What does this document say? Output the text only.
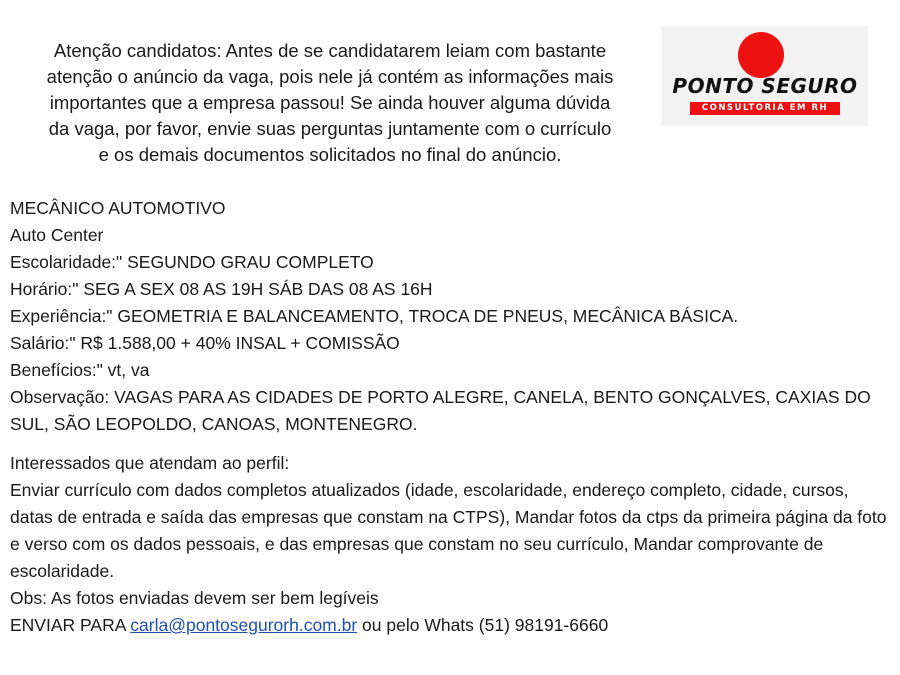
Atenção candidatos: Antes de se candidatarem leiam com bastante
atenção o anúncio da vaga, pois nele já contém as informações mais
importantes que a empresa passou! Se ainda houver alguma dúvida
da vaga, por favor, envie suas perguntas juntamente com o currículo
e os demais documentos solicitados no final do anúncio.
PONTO SEGURO
CONSULTORIA EM RH
MECÂNICO AUTOMOTIVO
Auto Center
Escolaridade:" SEGUNDO GRAU COMPLETO
Horário:" SEG A SEX 08 AS 19H SÁB DAS 08 AS 16H
Experiência:" GEOMETRIA E BALANCEAMENTO, TROCA DE PNEUS, MECÂNICA BÁSICA.
Salário:" R$ 1.588,00 + 40% INSAL + COMISSÃO
Benefícios:" vt, va
Observação: VAGAS PARA AS CIDADES DE PORTO ALEGRE, CANELA, BENTO GONÇALVES, CAXIAS DO SUL, SÃO LEOPOLDO, CANOAS, MONTENEGRO.
Interessados que atendam ao perfil:
Enviar currículo com dados completos atualizados (idade, escolaridade, endereço completo, cidade, cursos, datas de entrada e saída das empresas que constam na CTPS), Mandar fotos da ctps da primeira página da foto e verso com os dados pessoais, e das empresas que constam no seu currículo, Mandar comprovante de escolaridade.
Obs: As fotos enviadas devem ser bem legíveis
ENVIAR PARA carla@pontosegurorh.com.br ou pelo Whats (51) 98191-6660
